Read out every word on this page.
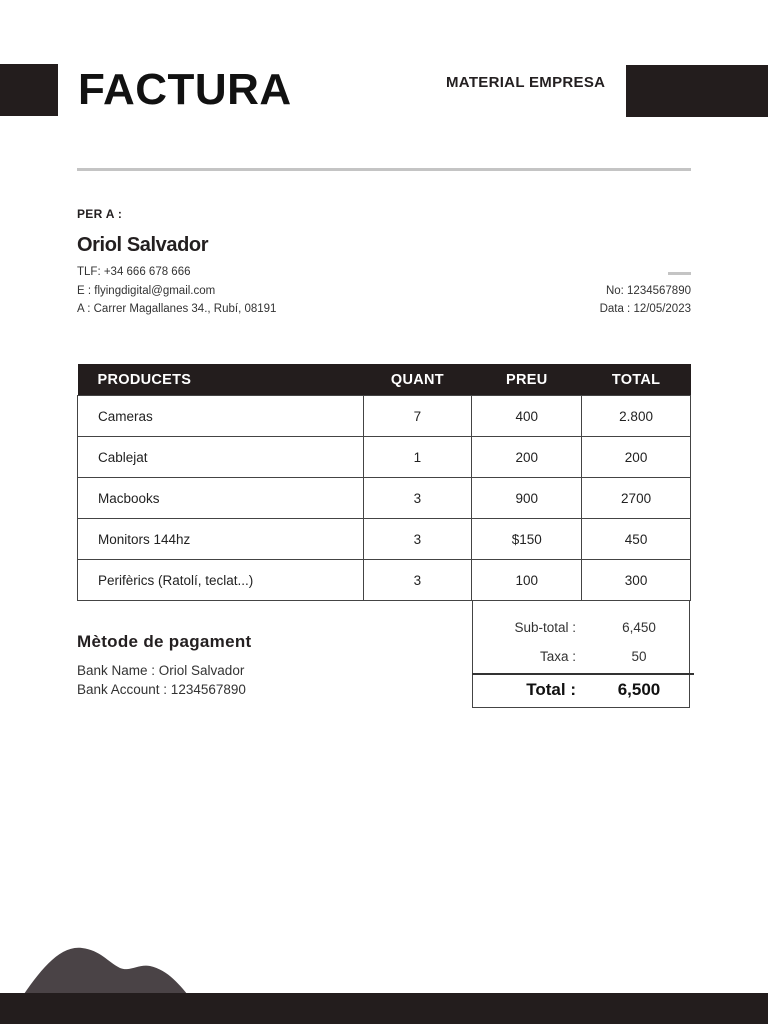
FACTURA	MATERIAL EMPRESA
PER A :
Oriol Salvador
TLF: +34 666 678 666
E : flyingdigital@gmail.com
A : Carrer Magallanes 34., Rubí, 08191
No: 1234567890
Data : 12/05/2023
PRODUCETS	QUANT	PREU	TOTAL
Cameras	7	400	2.800
Cablejat	1	200	200
Macbooks	3	900	2700
Monitors 144hz	3	$150	450
Perifèrics (Ratolí, teclat...)	3	100	300
Sub-total :	6,450
Taxa :	50
Total :	6,500
Mètode de pagament
Bank Name : Oriol Salvador
Bank Account : 1234567890
